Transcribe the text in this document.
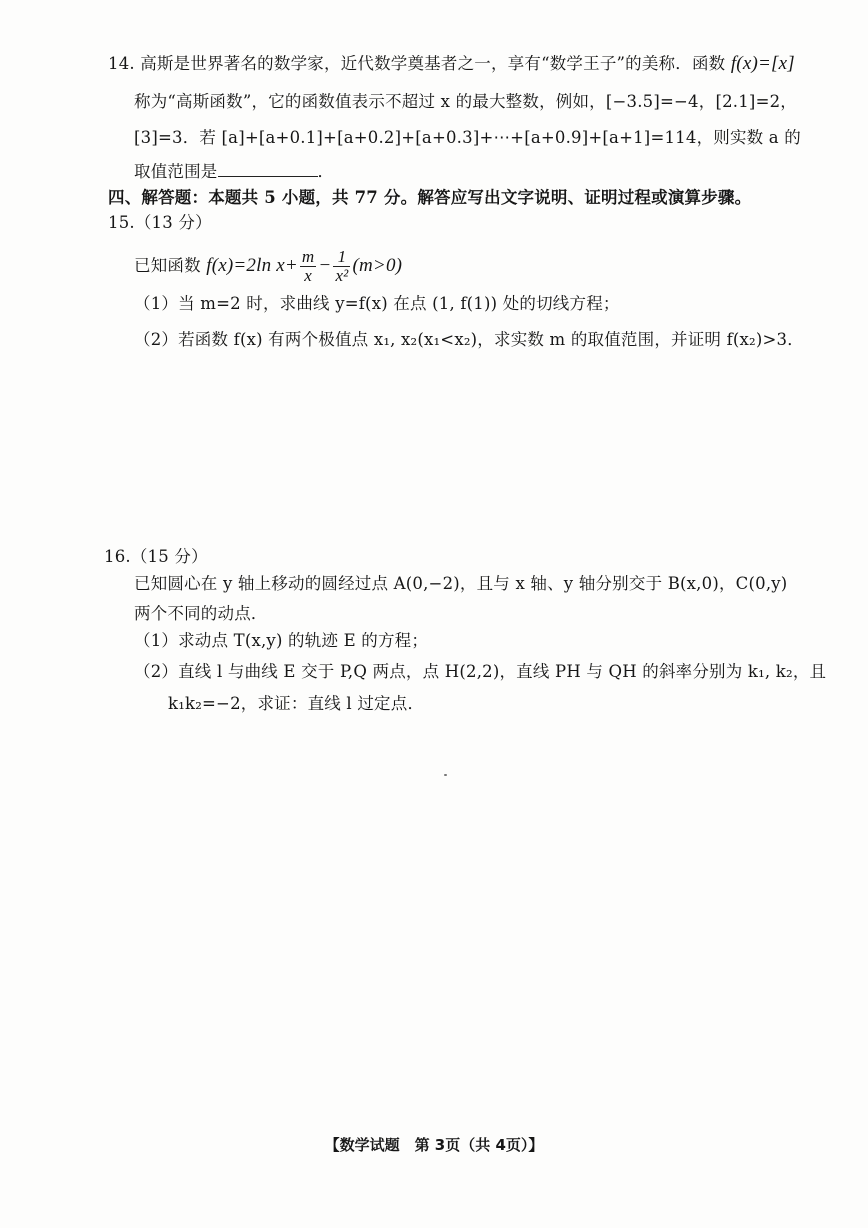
14. 高斯是世界著名的数学家，近代数学奠基者之一，享有“数学王子”的美称．函数 f(x)=[x]
称为“高斯函数”，它的函数值表示不超过 x 的最大整数，例如，[−3.5]=−4，[2.1]=2，
[3]=3．若 [a]+[a+0.1]+[a+0.2]+[a+0.3]+⋯+[a+0.9]+[a+1]=114，则实数 a 的
取值范围是	．
四、解答题：本题共 5 小题，共 77 分。解答应写出文字说明、证明过程或演算步骤。
15.（13 分）
已知函数 f(x)=2ln $x+ \frac{m}{x} - \frac{1}{\text{x²}} (m>0)$
（1）当 m=2 时，求曲线 y=f(x) 在点 (1, f(1)) 处的切线方程；
（2）若函数 f(x) 有两个极值点 x₁, x₂(x₁<x₂)，求实数 m 的取值范围，并证明 f(x₂)>3．
16.（15 分）
已知圆心在 y 轴上移动的圆经过点 A(0,−2)，且与 x 轴、y 轴分别交于 B(x,0)，C(0,y)
两个不同的动点．
（1）求动点 T(x,y) 的轨迹 E 的方程；
（2）直线 l 与曲线 E 交于 P,Q 两点，点 H(2,2)，直线 PH 与 QH 的斜率分别为 k₁, k₂，且
k₁k₂=−2，求证：直线 l 过定点．
【数学试题　第 3页（共 4页）】
